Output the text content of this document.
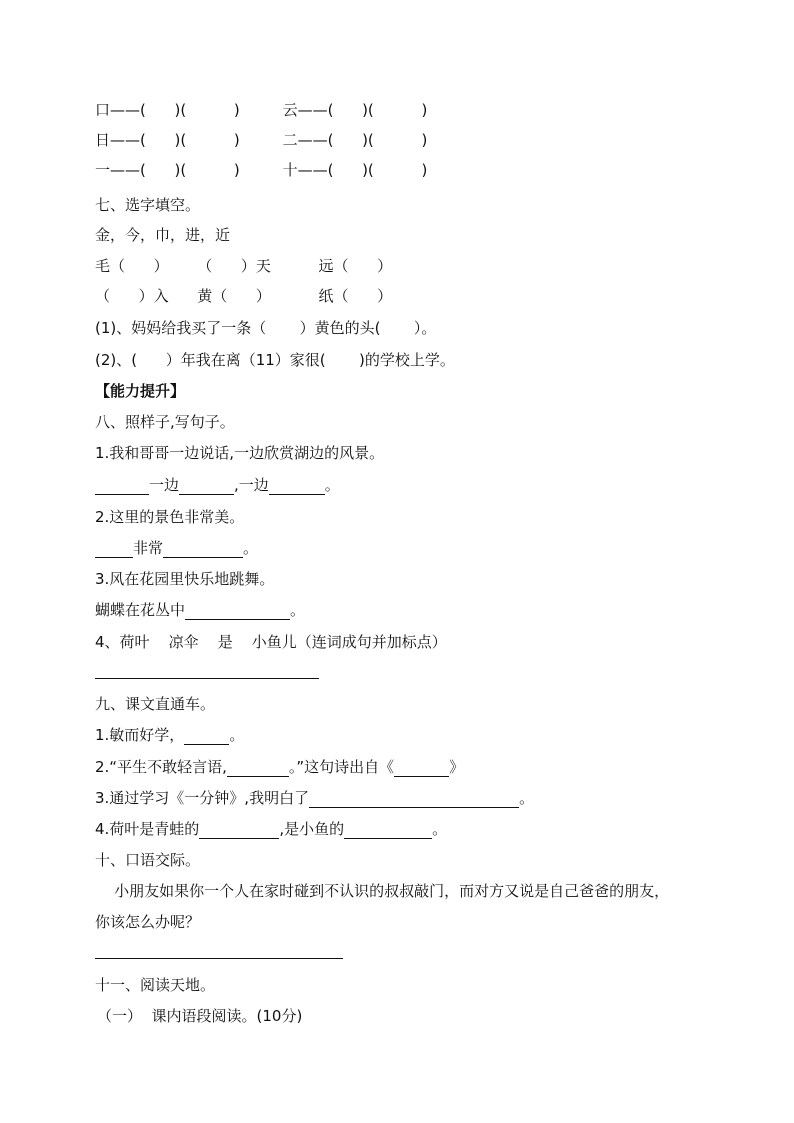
口——(      )(          )         云——(      )(          )
日——(      )(          )         二——(      )(          )
一——(      )(          )         十——(      )(          )
七、选字填空。
金，今，巾，进，近
毛（      ）      （      ）天          远（      ）
（      ）入      黄（      ）          纸（      ）
(1)、妈妈给我买了一条（       ）黄色的头(       ）。
(2)、(      ）年我在离（11）家很(       )的学校上学。
【能力提升】
八、照样子,写句子。
1.我和哥哥一边说话,一边欣赏湖边的风景。
一边	,一边	。
2.这里的景色非常美。
非常	。
3.风在花园里快乐地跳舞。
蝴蝶在花丛中	。
4、荷叶    凉伞    是    小鱼儿（连词成句并加标点）
九、课文直通车。
1.敏而好学，	。
2.“平生不敢轻言语,	。”这句诗出自《	》
3.通过学习《一分钟》,我明白了	。
4.荷叶是青蛙的	,是小鱼的	。
十、口语交际。
小朋友如果你一个人在家时碰到不认识的叔叔敲门，而对方又说是自己爸爸的朋友，
你该怎么办呢？
十一、阅读天地。
（一）  课内语段阅读。(10分)
